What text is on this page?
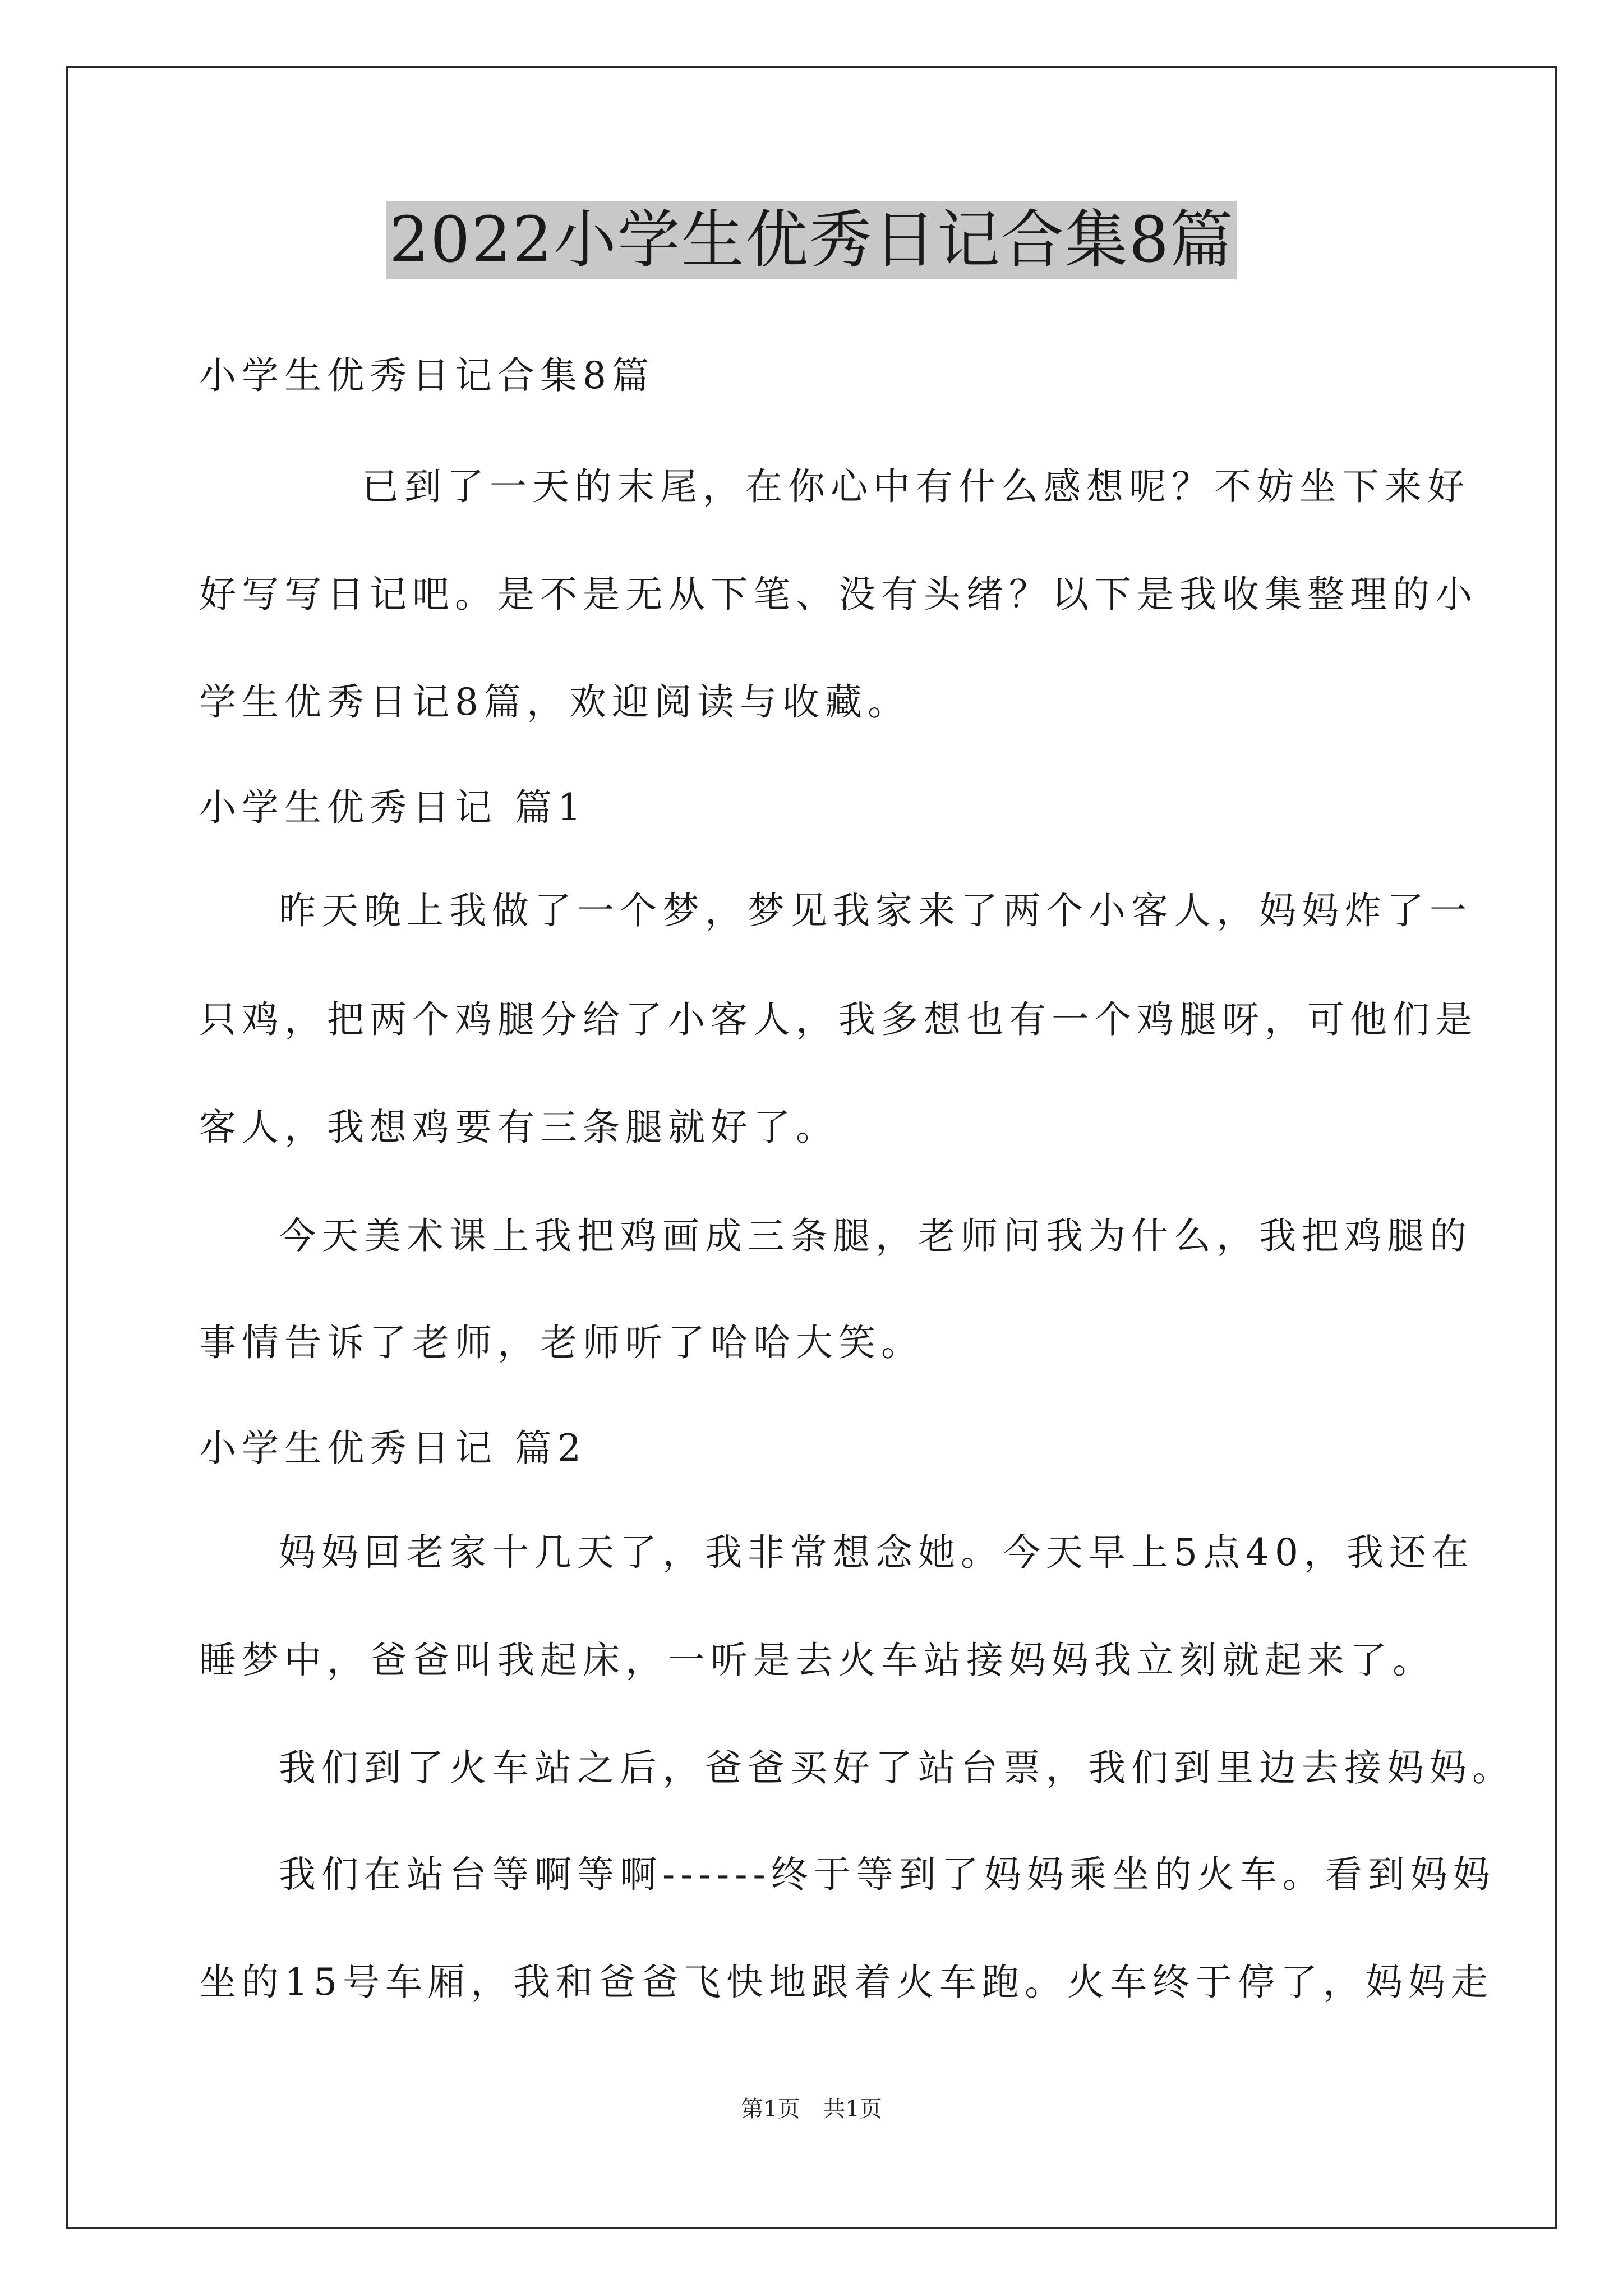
2022小学生优秀日记合集8篇
小学生优秀日记合集8篇
已到了一天的末尾，在你心中有什么感想呢？不妨坐下来好
好写写日记吧。是不是无从下笔、没有头绪？以下是我收集整理的小
学生优秀日记8篇，欢迎阅读与收藏。
小学生优秀日记 篇1
昨天晚上我做了一个梦，梦见我家来了两个小客人，妈妈炸了一
只鸡，把两个鸡腿分给了小客人，我多想也有一个鸡腿呀，可他们是
客人，我想鸡要有三条腿就好了。
今天美术课上我把鸡画成三条腿，老师问我为什么，我把鸡腿的
事情告诉了老师，老师听了哈哈大笑。
小学生优秀日记 篇2
妈妈回老家十几天了，我非常想念她。今天早上5点40，我还在
睡梦中，爸爸叫我起床，一听是去火车站接妈妈我立刻就起来了。
我们到了火车站之后，爸爸买好了站台票，我们到里边去接妈妈。
我们在站台等啊等啊------终于等到了妈妈乘坐的火车。看到妈妈
坐的15号车厢，我和爸爸飞快地跟着火车跑。火车终于停了，妈妈走
第1页 共1页
